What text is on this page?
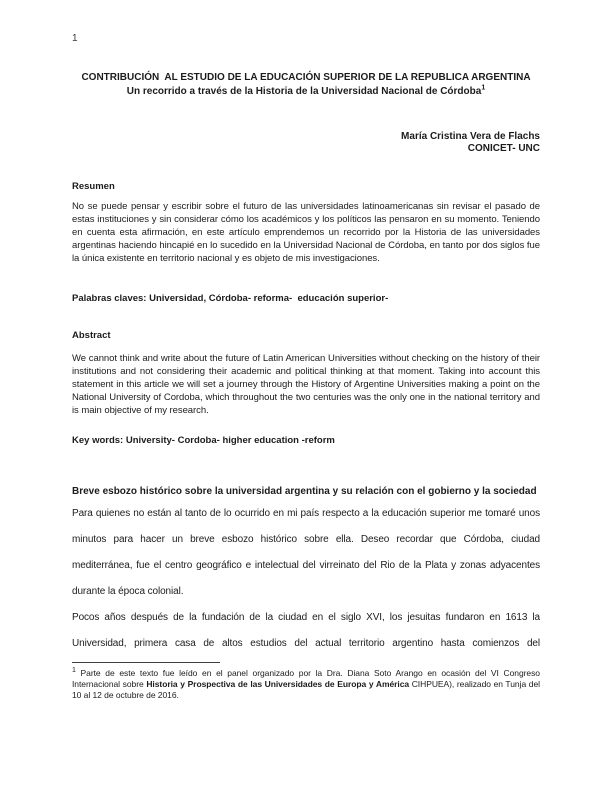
1
CONTRIBUCIÓN  AL ESTUDIO DE LA EDUCACIÓN SUPERIOR DE LA REPUBLICA ARGENTINA
Un recorrido a través de la Historia de la Universidad Nacional de Córdoba$^1$
María Cristina Vera de Flachs
CONICET- UNC
Resumen
No se puede pensar y escribir sobre el futuro de las universidades latinoamericanas sin revisar el pasado de estas instituciones y sin considerar cómo los académicos y los políticos las pensaron en su momento. Teniendo en cuenta esta afirmación, en este artículo emprendemos un recorrido por la Historia de las universidades argentinas haciendo hincapié en lo sucedido en la Universidad Nacional de Córdoba, en tanto por dos siglos fue la única existente en territorio nacional y es objeto de mis investigaciones.
Palabras claves: Universidad, Córdoba- reforma-  educación superior-
Abstract
We cannot think and write about the future of Latin American Universities without checking on the history of their institutions and not considering their academic and political thinking at that moment. Taking into account this statement in this article we will set a journey through the History of Argentine Universities making a point on the National University of Cordoba, which throughout the two centuries was the only one in the national territory and is main objective of my research.
Key words: University- Cordoba- higher education -reform
Breve esbozo histórico sobre la universidad argentina y su relación con el gobierno y la sociedad
Para quienes no están al tanto de lo ocurrido en mi país respecto a la educación superior me tomaré unos minutos para hacer un breve esbozo histórico sobre ella. Deseo recordar que Córdoba, ciudad mediterránea, fue el centro geográfico e intelectual del virreinato del Rio de la Plata y zonas adyacentes durante la época colonial.
Pocos años después de la fundación de la ciudad en el siglo XVI, los jesuitas fundaron en 1613 la Universidad, primera casa de altos estudios del actual territorio argentino hasta comienzos del
$^1$ Parte de este texto fue leído en el panel organizado por la Dra. Diana Soto Arango en ocasión del VI Congreso Internacional sobre Historia y Prospectiva de las Universidades de Europa y América CIHPUEA), realizado en Tunja del 10 al 12 de octubre de 2016.
